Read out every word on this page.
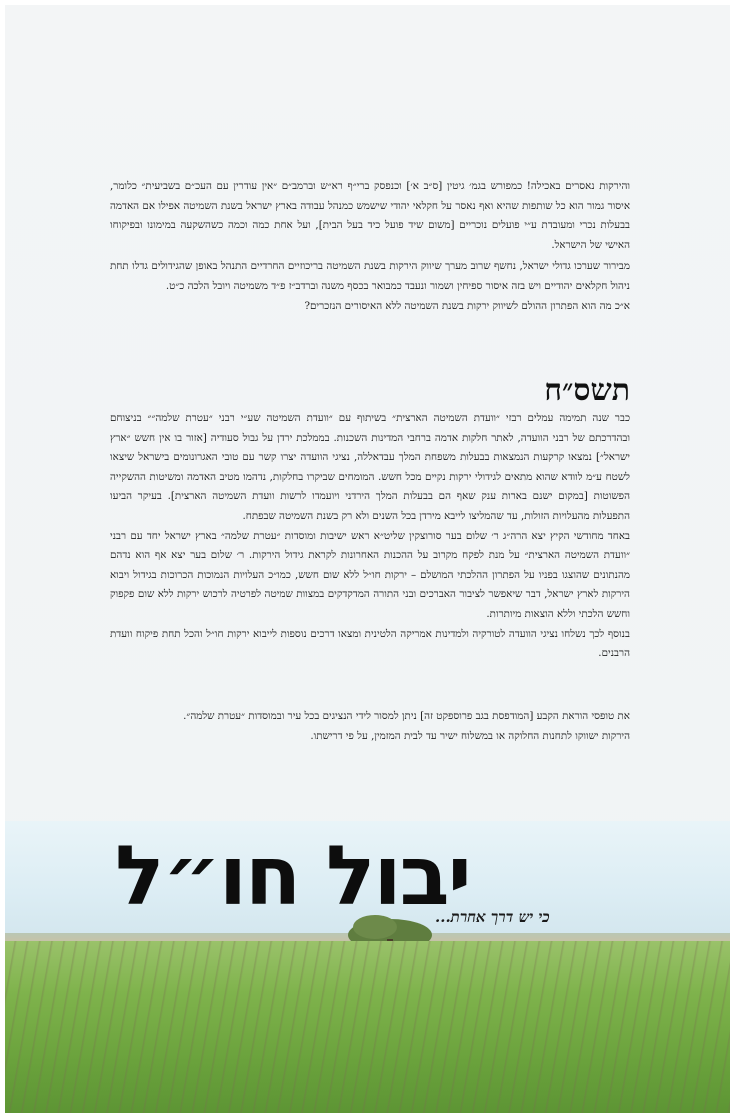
והירקות נאסרים באכילה! כמפורש בגמ׳ גיטין [ס״ב א׳] וכנפסק ברי״ף רא״ש וברמב״ם ״אין עודרין עם העכ״ם בשביעית״ כלומר, איסור גמור הוא כל שותפות שהיא ואף נאסר על חקלאי יהודי שישמש כמנהל עבודה בארץ ישראל בשנת השמיטה אפילו אם האדמה בבעלות נכרי ומעובדת ע״י פועלים נוכריים [משום שיד פועל כיד בעל הבית], ועל אחת כמה וכמה כשהשקעה במימונו ובפיקוחו האישי של הישראל.

מבירור שערכו גדולי ישראל, נחשף שרוב מערך שיווק הירקות בשנת השמיטה בריכוזיים החרדיים התנהל באופן שהגידולים גדלו תחת ניהול חקלאים יהודיים ויש בזה איסור ספיחין ושמור ונעבד כמבואר בכסף משנה וברדב״ז פ״ד משמיטה ויובל הלכה כ״ט.

א״כ מה הוא הפתרון ההולם לשיווק ירקות בשנת השמיטה ללא האיסורים הנזכרים?

תשס״ח

כבר שנה תמימה עמלים רבזי ״וועדת השמיטה הארצית״ בשיתוף עם ״וועדת השמיטה שע״י רבני ״עטרת שלמה״״ בניצוחם ובהדרכתם של רבני הוועדה, לאתר חלקות אדמה ברחבי המדינות השכנות. בממלכת ירדן על גבול סעודיה [אזור בו אין חשש ״ארץ ישראל״] נמצאו קרקעות הנמצאות בבעלות משפחת המלך עבדאללה, נציגי הוועדה יצרו קשר עם טובי האגרונומים בישראל שיצאו לשטח ע״מ לוודא שהוא מתאים לגידולי ירקות נקיים מכל חשש. המומחים שביקרו בחלקות, נדהמו מטיב האדמה ומשיטות ההשקייה הפשוטות [במקום ישנם בארות ענק שאף הם בבעלות המלך הירדני ויועמדו לרשות וועדת השמיטה הארצית]. בעיקר הביעו התפעלות מהעלויות הזולות, עד שהמליצו לייבא מירדן בכל השנים ולא רק בשנת השמיטה שבפתח.

באחד מחודשי הקיץ יצא הרה״ג ר׳ שלום בער סורוצקין שליט״א ראש ישיבות ומוסדות ״עטרת שלמה״ בארץ ישראל יחד עם רבני ״וועדת השמיטה הארצית״ על מנת לפקח מקרוב על ההכנות האחרונות לקראת גידול הירקות. ר׳ שלום בער יצא אף הוא נדהם מהנתונים שהוצגו בפניו על הפתרון ההלכתי המושלם – ירקות חו״ל ללא שום חשש, כמו״כ העלויות הנמוכות הכרוכות בגידול ויבוא הירקות לארץ ישראל, דבר שיאפשר לציבור האברכים ובני התורה המדקדקים במצוות שמיטה לפרטיה לרכוש ירקות ללא שום פקפוק וחשש הלכתי וללא הוצאות מיותרות.

בנוסף לכך נשלחו נציגי הוועדה לטורקיה ולמדינות אמריקה הלטינית ומצאו דרכים נוספות לייבוא ירקות חו״ל והכל תחת פיקוח וועדת הרבנים.

את טופסי הוראת הקבע [המודפסת בגב פרוספקט זה] ניתן למסור לידי הנציגים בכל עיר ובמוסדות ״עטרת שלמה״.

הירקות ישווקו לתחנות החלוקה או במשלוח ישיר עד לבית המזמין, על פי דרישתו.

יבול חו״ל
כי יש דרך אחרת...
